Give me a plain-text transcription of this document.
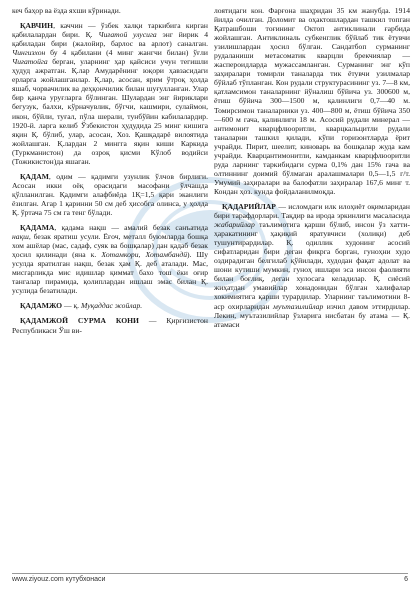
кеч баҳор ва ёзда яхши кўринади.

ҚАВЧИН, каччин — ўзбек халқи таркибига кирган қабилалардан бири. Қ. Чиғатой улусига энг йирик 4 қабиладан бири (жалойир, барлос ва арлот) саналган. Чингизхон бу 4 қабилани (4 минг жангчи билан) ўғли Чиғатойга берган, уларнинг ҳар қайсиси учун тегишли ҳудуд ажратган. Қ.лар Амударёнинг юқори ҳавзасидаги ерларга жойлашганлар. Қ.лар, асосан, ярим ўтроқ ҳолда яшаб, чорвачилик ва деҳқончилик билан шуғулланган. Улар бир қанча уруғларга бўлинган. Шулардан энг йириклари бегузук, балхи, кўрначувлик, бўгчи, кашмири, сулаймон, икон, бўйли, туғал, пўла шерали, тунбўйин кабилалардир. 1920-й. ларга келиб Ўзбекистон ҳудудида 25 минг кишига яқин Қ. бўлиб, улар, асосан, Хоз. Қашқадарё вилоятида жойлашган. Қ.лардан 2 мингга яқин киши Каркида (Туркманистон) да озроқ қисми Кўлоб водийси (Тожикистон)да яшаган.

ҚАДАМ, одим — қадимги узунлик ўлчов бирлиги. Асосан икки оёқ орасидаги масофани ўлчашда қўлланилган. Қадимги алафбиёда 1Қ=1,5 қари эканлиги ёзилган. Агар 1 қаринни 50 см деб ҳисобга олинса, у ҳолда Қ. ўртача 75 см га тенг бўлади.

ҚАДАМА, қадама нақш — амалий безак санъатида нақш, безак яратиш усули. Ёғоч, металл буюмларда бошқа хом ашёлар (мас, садаф, суяк ва бошқалар) дан қадаб безак ҳосил қилинади (яна к. Хотамкори, Хотамбандй). Шу усулда яратилган нақш, безак ҳам Қ. деб аталади. Мас, мисгарликда мис идишлар қиммат бахо тош ёки оғир тангалар пирамида, қолиплардан ишлаш эмас билан Қ. усулида безатилади.

ҚАДАМЖО — қ. Муқаддас жойлар.

ҚАДАМЖОЙ СУРМА КОНИ — Қирғизистон Республикаси Ўш ви-

лоятидаги кон. Фарғона шаҳридан 35 км жанубда. 1914 йилда очилган. Доломит ва оҳактошлардан ташкил топган Қатрашбоши тоғининг Октоп антиклинали ғарбида жойлашган. Антиклиналь субкенглик бўйлаб тик ётувчи узилишлардан ҳосил бўлган. Сандатбоп сурманинг рудаланиши метасоматик кварцли брекчиялар — жаспероидларда мужассамланган. Сурманинг энг кўп заҳиралари томирли таналарда тик ётувчи узилмалар бўйлаб тўпланган. Кон рудали структурасининг уз. 7—8 км, қатламсимон таналарнинг йўналиш бўйича уз. 300600 м, ётиш бўйича 300—1500 м, қалинлиги 0,7—40 м. Томирсимон таналарники уз. 400—800 м, ётиш бўйича 350—600 м гача, қалинлиги 18 м. Асосий рудали минерал — антимонит кварцфлюоритли, кварцкальцитли рудали таналарни ташкил қилади, кўпи горизонтларда ёрит учрайди. Пирит, шеелит, киноварь ва бошқалар жуда кам учрайди. Кварцантимонитли, камданкам кварцфлюоритли руда ларнинг таркибидаги сурма 0,1% дан 15% гача ва олтиннинг доимий бўлмаган аралашмалари 0,5—1,5 г/т. Умумий заҳиралари ва балофатли заҳиралар 167,6 минг т. Кондан ҳоз. кунда фойдаланилмоқда.

ҚАДАРИЙЛАР — исломдаги илк илоҳиёт оқимларидан бири тарафдорлари. Тақдир ва ирода эркинлиги масаласида жабарийлар таълимотига қарши бўлиб, инсон ўз хатти-ҳаракатининг ҳақиқий яратувчиси (холиқи) деб тушунтирардилар. Қ. одиллик худонинг асосий сифатларидан бири деган фикрга борган, гуноҳни худо оздирадиган белгилаб қўйилади, худодан фақат адолат ва шони кутиши мумкин, гуноҳ ишлари эса инсон фаолияти билан боғлиқ, деган хулосага келадилар. Қ. сиёсий жиҳатдан умавийлар хонадонидан бўлган халифалар хокимиятига қарши турардилар. Уларнинг таълимотини 8-аср охирларидан муътазилийлар изчил давом эттирдилар. Лекин, муътазилийлар ўзларига нисбатан бу атама — Қ. атамаси

www.ziyouz.com кутубхонаси	6
